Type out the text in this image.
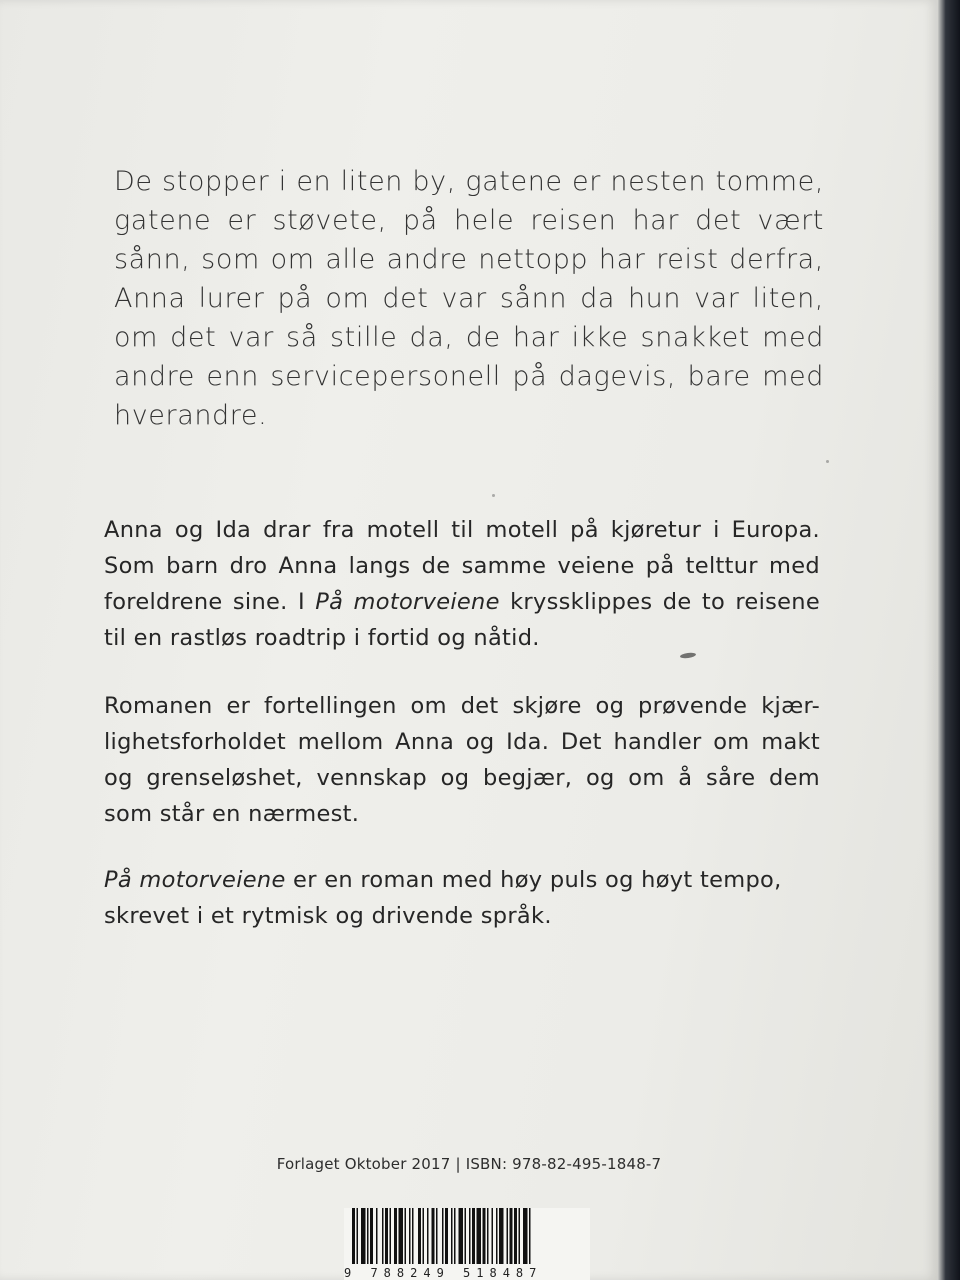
De stopper i en liten by, gatene er nesten tomme,
gatene er støvete, på hele reisen har det vært
sånn, som om alle andre nettopp har reist derfra,
Anna lurer på om det var sånn da hun var liten,
om det var så stille da, de har ikke snakket med
andre enn servicepersonell på dagevis, bare med
hverandre.
Anna og Ida drar fra motell til motell på kjøretur i Europa.
Som barn dro Anna langs de samme veiene på telttur med
foreldrene sine. I På motorveiene kryssklippes de to reisene
til en rastløs roadtrip i fortid og nåtid.
Romanen er fortellingen om det skjøre og prøvende kjær-
lighetsforholdet mellom Anna og Ida. Det handler om makt
og grenseløshet, vennskap og begjær, og om å såre dem
som står en nærmest.
På motorveiene er en roman med høy puls og høyt tempo,
skrevet i et rytmisk og drivende språk.
Forlaget Oktober 2017 | ISBN: 978-82-495-1848-7
9 788249 518487
